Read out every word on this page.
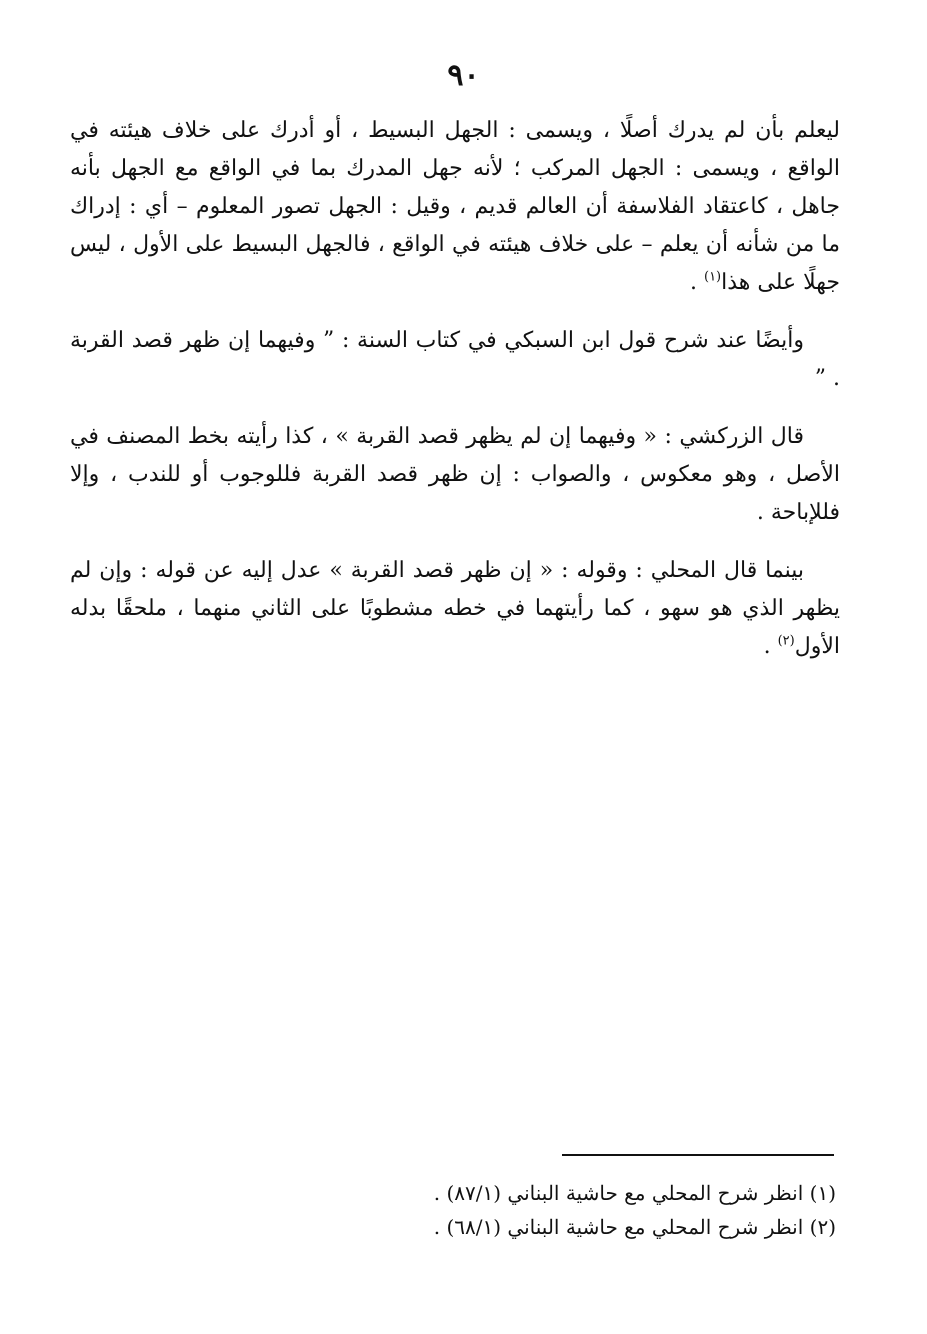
٩٠

ليعلم بأن لم يدرك أصلًا ، ويسمى : الجهل البسيط ، أو أدرك على خلاف هيئته في الواقع ، ويسمى : الجهل المركب ؛ لأنه جهل المدرك بما في الواقع مع الجهل بأنه جاهل ، كاعتقاد الفلاسفة أن العالم قديم ، وقيل : الجهل تصور المعلوم – أي : إدراك ما من شأنه أن يعلم – على خلاف هيئته في الواقع ، فالجهل البسيط على الأول ، ليس جهلًا على هذا$^{(١)}$ .

وأيضًا عند شرح قول ابن السبكي في كتاب السنة : ” وفيهما إن ظهر قصد القربة . ”

قال الزركشي : « وفيهما إن لم يظهر قصد القربة » ، كذا رأيته بخط المصنف في الأصل ، وهو معكوس ، والصواب : إن ظهر قصد القربة فللوجوب أو للندب ، وإلا فللإباحة .

بينما قال المحلي : وقوله : « إن ظهر قصد القربة » عدل إليه عن قوله : وإن لم يظهر الذي هو سهو ، كما رأيتهما في خطه مشطوبًا على الثاني منهما ، ملحقًا بدله الأول$^{(٢)}$ .

(١) انظر شرح المحلي مع حاشية البناني (٨٧/١) .

(٢) انظر شرح المحلي مع حاشية البناني (٦٨/١) .
